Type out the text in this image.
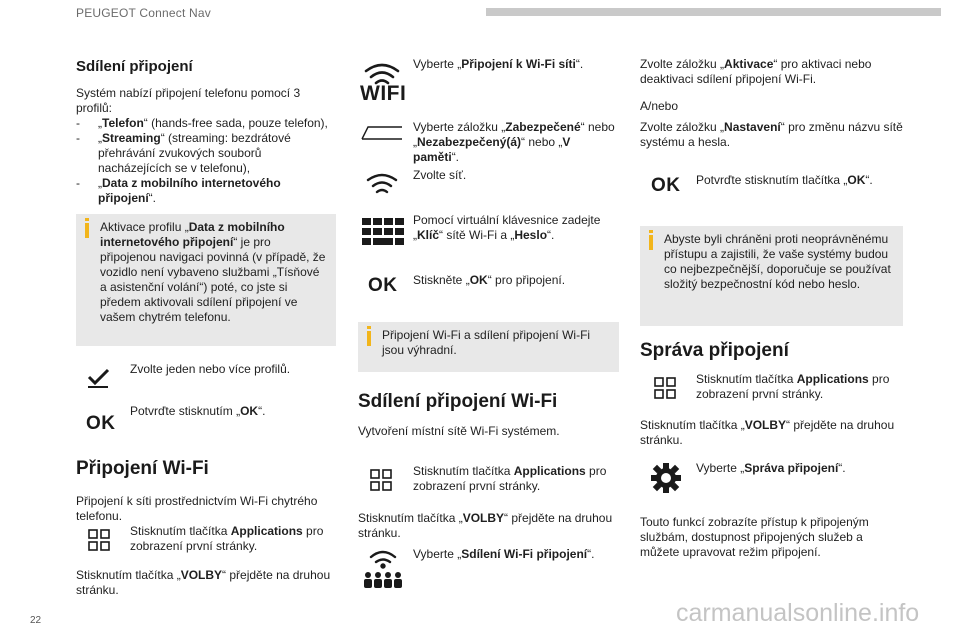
PEUGEOT Connect Nav
Sdílení připojení

Systém nabízí připojení telefonu pomocí 3 profilů:

- „Telefon“ (hands-free sada, pouze telefon),
- „Streaming“ (streaming: bezdrátové přehrávání zvukových souborů nacházejících se v telefonu),
- „Data z mobilního internetového připojení“.
Aktivace profilu „Data z mobilního internetového připojení“ je pro připojenou navigaci povinná (v případě, že vozidlo není vybaveno službami „Tísňové a asistenční volání“) poté, co jste si předem aktivovali sdílení připojení ve vašem chytrém telefonu.

Zvolte jeden nebo více profilů.

OK

Potvrďte stisknutím „OK“.

Připojení Wi-Fi

Připojení k síti prostřednictvím Wi-Fi chytrého telefonu.

Stisknutím tlačítka Applications pro zobrazení první stránky.

Stisknutím tlačítka „VOLBY“ přejděte na druhou stránku.

WIFI

Vyberte „Připojení k Wi-Fi síti“.

Vyberte záložku „Zabezpečené“ nebo „Nezabezpečený(á)“ nebo „V paměti“.

Zvolte síť.

Pomocí virtuální klávesnice zadejte „Klíč“ sítě Wi-Fi a „Heslo“.

OK Stiskněte „OK“ pro připojení.

Připojení Wi-Fi a sdílení připojení Wi-Fi jsou výhradní.
Sdílení připojení Wi-Fi

Vytvoření místní sítě Wi-Fi systémem.

Stisknutím tlačítka Applications pro zobrazení první stránky.

Stisknutím tlačítka „VOLBY“ přejděte na druhou stránku.

Vyberte „Sdílení Wi-Fi připojení“.

Zvolte záložku „Aktivace“ pro aktivaci nebo deaktivaci sdílení připojení Wi-Fi.

A/nebo

Zvolte záložku „Nastavení“ pro změnu názvu sítě systému a hesla.

OK Potvrďte stisknutím tlačítka „OK“.

Abyste byli chráněni proti neoprávněnému přístupu a zajistili, že vaše systémy budou co nejbezpečnější, doporučuje se používat složitý bezpečnostní kód nebo heslo.
Správa připojení

Stisknutím tlačítka Applications pro zobrazení první stránky.

Stisknutím tlačítka „VOLBY“ přejděte na druhou stránku.

Vyberte „Správa připojení“.

Touto funkcí zobrazíte přístup k připojeným službám, dostupnost připojených služeb a můžete upravovat režim připojení.

22	carmanualsonline.info
